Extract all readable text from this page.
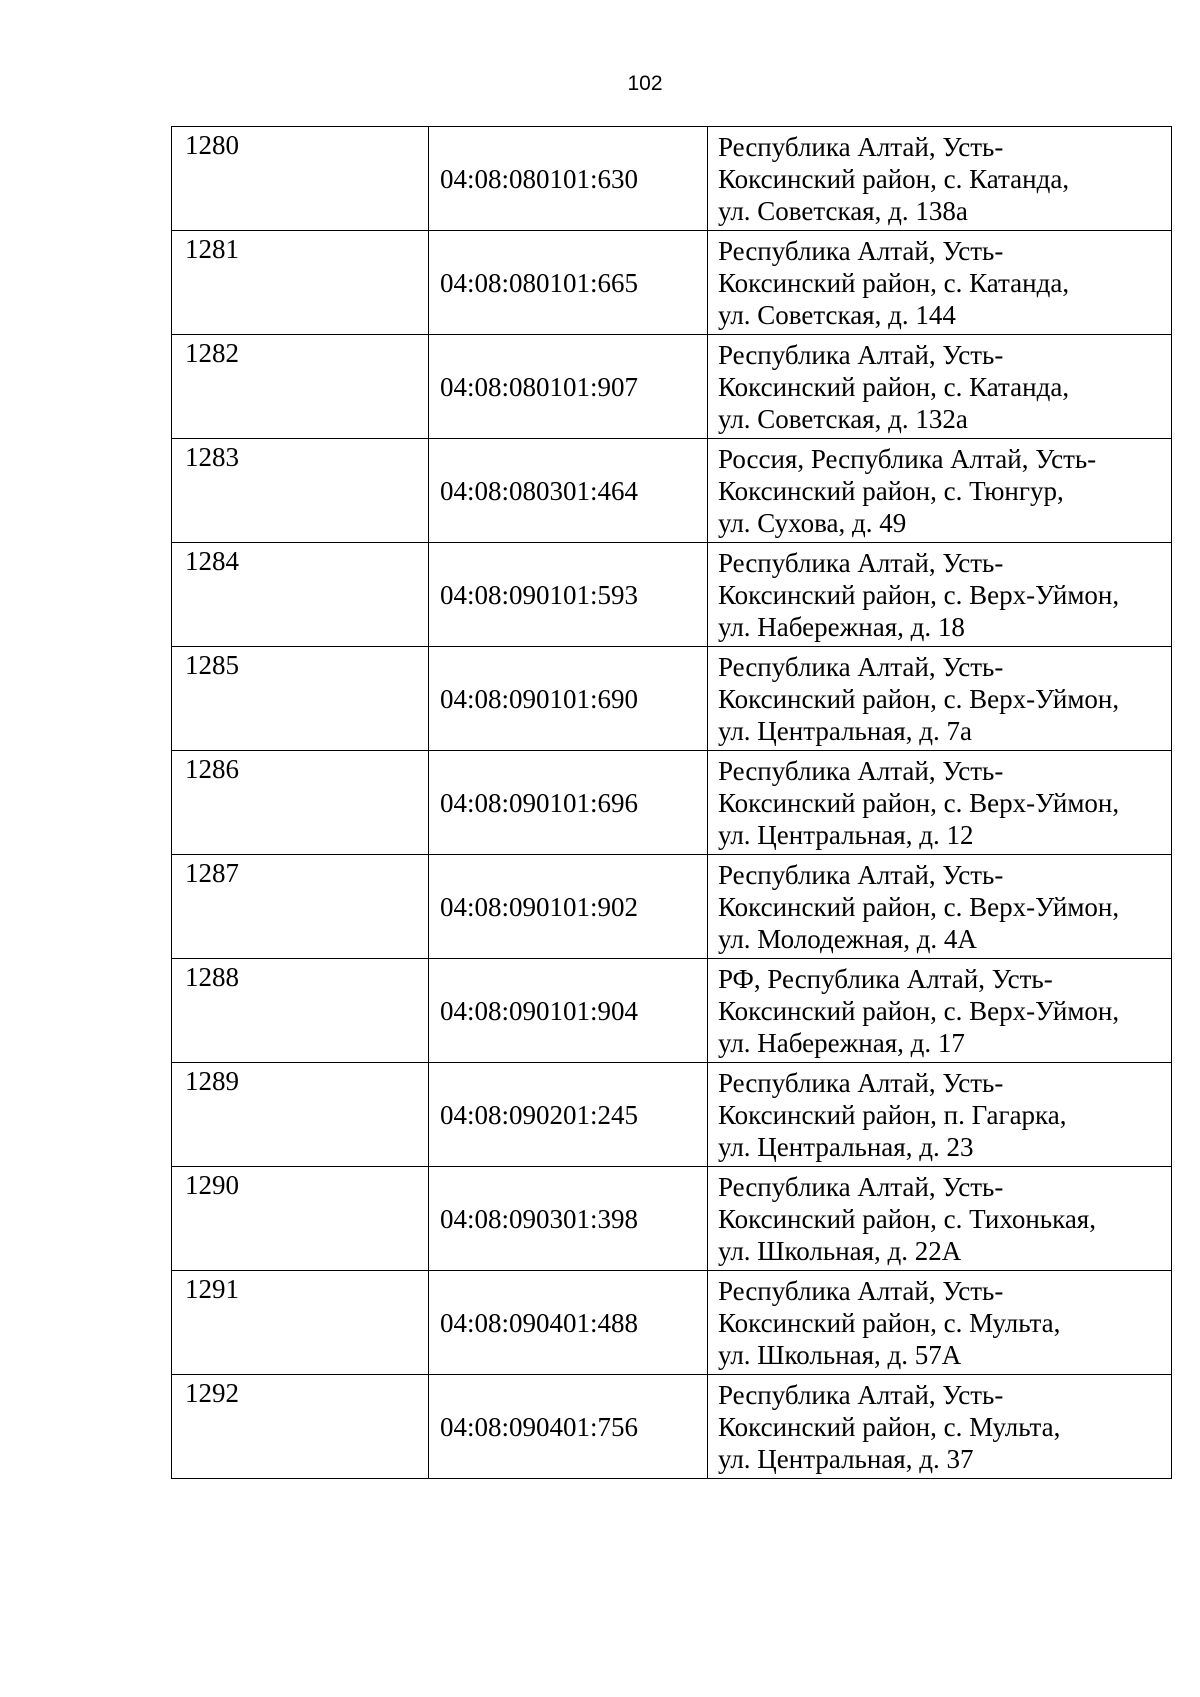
102
1280	04:08:080101:630	Республика Алтай, Усть-
Коксинский район, с. Катанда,
ул. Советская, д. 138а

1281	04:08:080101:665	Республика Алтай, Усть-
Коксинский район, с. Катанда,
ул. Советская, д. 144

1282	04:08:080101:907	Республика Алтай, Усть-
Коксинский район, с. Катанда,
ул. Советская, д. 132а

1283	04:08:080301:464	Россия, Республика Алтай, Усть-
Коксинский район, с. Тюнгур,
ул. Сухова, д. 49

1284	04:08:090101:593	Республика Алтай, Усть-
Коксинский район, с. Верх-Уймон,
ул. Набережная, д. 18

1285	04:08:090101:690	Республика Алтай, Усть-
Коксинский район, с. Верх-Уймон,
ул. Центральная, д. 7а

1286	04:08:090101:696	Республика Алтай, Усть-
Коксинский район, с. Верх-Уймон,
ул. Центральная, д. 12

1287	04:08:090101:902	Республика Алтай, Усть-
Коксинский район, с. Верх-Уймон,
ул. Молодежная, д. 4А

1288	04:08:090101:904	РФ, Республика Алтай, Усть-
Коксинский район, с. Верх-Уймон,
ул. Набережная, д. 17

1289	04:08:090201:245	Республика Алтай, Усть-
Коксинский район, п. Гагарка,
ул. Центральная, д. 23

1290	04:08:090301:398	Республика Алтай, Усть-
Коксинский район, с. Тихонькая,
ул. Школьная, д. 22А

1291	04:08:090401:488	Республика Алтай, Усть-
Коксинский район, с. Мульта,
ул. Школьная, д. 57А

1292	04:08:090401:756	Республика Алтай, Усть-
Коксинский район, с. Мульта,
ул. Центральная, д. 37
